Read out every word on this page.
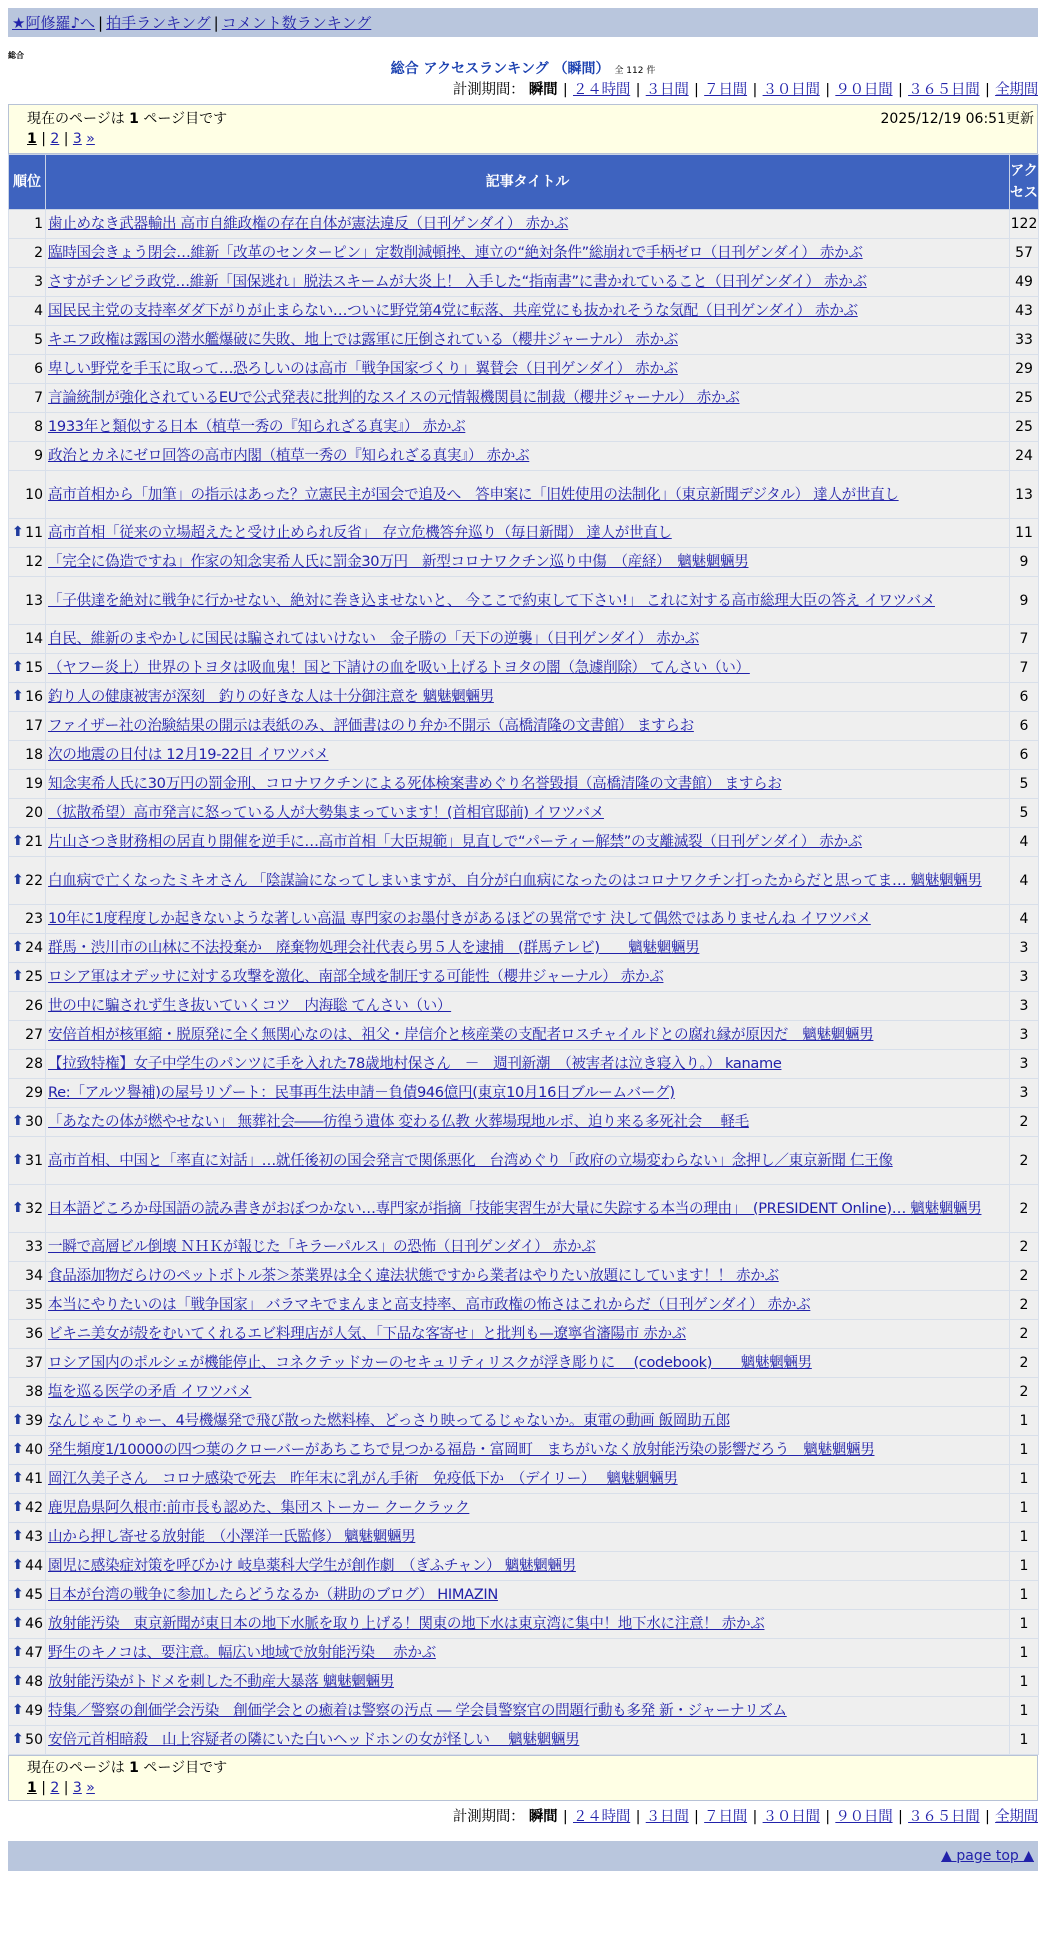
★阿修羅♪へ | 拍手ランキング | コメント数ランキング
総合
総合 アクセスランキング （瞬間） 全 112 件
計測期間： 瞬間 | ２４時間 | ３日間 | ７日間 | ３０日間 | ９０日間 | ３６５日間 | 全期間
現在のページは 1 ページ目です	2025/12/19 06:51更新
1 | 2 | 3 »
順位	記事タイトル	アクセス
1	歯止めなき武器輸出 高市自維政権の存在自体が憲法違反（日刊ゲンダイ） 赤かぶ	122
2	臨時国会きょう閉会…維新「改革のセンターピン」定数削減頓挫、連立の“絶対条件”総崩れで手柄ゼロ（日刊ゲンダイ） 赤かぶ	57
3	さすがチンピラ政党…維新「国保逃れ」脱法スキームが大炎上！ 入手した“指南書”に書かれていること（日刊ゲンダイ） 赤かぶ	49
4	国民民主党の支持率ダダ下がりが止まらない…ついに野党第4党に転落、共産党にも抜かれそうな気配（日刊ゲンダイ） 赤かぶ	43
5	キエフ政権は露国の潜水艦爆破に失敗、地上では露軍に圧倒されている（櫻井ジャーナル） 赤かぶ	33
6	卑しい野党を手玉に取って…恐ろしいのは高市「戦争国家づくり」翼賛会（日刊ゲンダイ） 赤かぶ	29
7	言論統制が強化されているEUで公式発表に批判的なスイスの元情報機関員に制裁（櫻井ジャーナル） 赤かぶ	25
8	1933年と類似する日本（植草一秀の『知られざる真実』） 赤かぶ	25
9	政治とカネにゼロ回答の高市内閣（植草一秀の『知られざる真実』） 赤かぶ	24
10	高市首相から「加筆」の指示はあった？立憲民主が国会で追及へ　答申案に「旧姓使用の法制化」（東京新聞デジタル） 達人が世直し	13

⬆ 11	高市首相「従来の立場超えたと受け止められ反省」　存立危機答弁巡り（毎日新聞） 達人が世直し	11
12	「完全に偽造ですね」作家の知念実希人氏に罰金30万円　新型コロナワクチン巡り中傷　（産経）　魑魅魍魎男	9
13	「子供達を絶対に戦争に行かせない、絶対に巻き込ませないと、 今ここで約束して下さい!」 これに対する高市総理大臣の答え イワツバメ	9
14	自民、維新のまやかしに国民は騙されてはいけない　金子勝の「天下の逆襲」（日刊ゲンダイ） 赤かぶ	7

⬆ 15	（ヤフー炎上）世界のトヨタは吸血鬼！国と下請けの血を吸い上げるトヨタの闇（急遽削除） てんさい（い）	7

⬆ 16	釣り人の健康被害が深刻　釣りの好きな人は十分御注意を 魑魅魍魎男	6
17	ファイザー社の治験結果の開示は表紙のみ、評価書はのり弁か不開示（高橋清隆の文書館） ますらお	6
18	次の地震の日付は 12月19-22日 イワツバメ	6
19	知念実希人氏に30万円の罰金刑、コロナワクチンによる死体検案書めぐり名誉毀損（高橋清隆の文書館） ますらお	5
20	（拡散希望）高市発言に怒っている人が大勢集まっています！(首相官邸前) イワツバメ	5

⬆ 21	片山さつき財務相の居直り開催を逆手に…高市首相「大臣規範」見直しで“パーティー解禁”の支離滅裂（日刊ゲンダイ） 赤かぶ	4

⬆ 22	白血病で亡くなったミキオさん 「陰謀論になってしまいますが、自分が白血病になったのはコロナワクチン打ったからだと思ってま… 魑魅魍魎男	4
23	10年に1度程度しか起きないような著しい高温 専門家のお墨付きがあるほどの異常です 決して偶然ではありませんね イワツバメ	4

⬆ 24	群馬・渋川市の山林に不法投棄か　廃棄物処理会社代表ら男５人を逮捕　(群馬テレビ)　　魑魅魍魎男	3

⬆ 25	ロシア軍はオデッサに対する攻撃を激化、南部全域を制圧する可能性（櫻井ジャーナル） 赤かぶ	3
26	世の中に騙されず生き抜いていくコツ　内海聡 てんさい（い）	3
27	安倍首相が核軍縮・脱原発に全く無関心なのは、祖父・岸信介と核産業の支配者ロスチャイルドとの腐れ縁が原因だ　魑魅魍魎男	3
28	【拉致特権】女子中学生のパンツに手を入れた78歳地村保さん　－　週刊新潮　（被害者は泣き寝入り。） kaname	3
29	Re:「アルツ譽補)の屋号リゾート：民事再生法申請－負債946億円(東京10月16日ブルームバーグ)	3

⬆ 30	「あなたの体が燃やせない」 無葬社会――彷徨う遺体 変わる仏教 火葬場現地ルポ、迫り来る多死社会　 軽毛	2

⬆ 31	高市首相、中国と「率直に対話」…就任後初の国会発言で関係悪化　台湾めぐり「政府の立場変わらない」念押し／東京新聞 仁王像	2

⬆ 32	日本語どころか母国語の読み書きがおぼつかない…専門家が指摘「技能実習生が大量に失踪する本当の理由」　(PRESIDENT Online)… 魑魅魍魎男	2
33	一瞬で高層ビル倒壊 ＮＨＫが報じた「キラーパルス」の恐怖（日刊ゲンダイ） 赤かぶ	2
34	食品添加物だらけのペットボトル茶＞茶業界は全く違法状態ですから業者はやりたい放題にしています！！ 赤かぶ	2
35	本当にやりたいのは「戦争国家」 バラマキでまんまと高支持率、高市政権の怖さはこれからだ（日刊ゲンダイ） 赤かぶ	2
36	ビキニ美女が殻をむいてくれるエビ料理店が人気、「下品な客寄せ」と批判も—遼寧省瀋陽市 赤かぶ	2
37	ロシア国内のポルシェが機能停止、コネクテッドカーのセキュリティリスクが浮き彫りに　 (codebook)　　魑魅魍魎男	2
38	塩を巡る医学の矛盾 イワツバメ	2

⬆ 39	なんじゃこりゃー、4号機爆発で飛び散った燃料棒、どっさり映ってるじゃないか。東電の動画 飯岡助五郎	1

⬆ 40	発生頻度1/10000の四つ葉のクローバーがあちこちで見つかる福島・富岡町　まちがいなく放射能汚染の影響だろう　魑魅魍魎男	1

⬆ 41	岡江久美子さん　コロナ感染で死去　昨年末に乳がん手術　免疫低下か　（デイリー）　 魑魅魍魎男	1

⬆ 42	鹿児島県阿久根市:前市長も認めた、集団ストーカー クークラック	1

⬆ 43	山から押し寄せる放射能　（小澤洋一氏監修） 魑魅魍魎男	1

⬆ 44	園児に感染症対策を呼びかけ 岐阜薬科大学生が創作劇　（ぎふチャン） 魑魅魍魎男	1

⬆ 45	日本が台湾の戦争に参加したらどうなるか（耕助のブログ） HIMAZIN	1

⬆ 46	放射能汚染　東京新聞が東日本の地下水脈を取り上げる！関東の地下水は東京湾に集中！地下水に注意！ 赤かぶ	1

⬆ 47	野生のキノコは、要注意。幅広い地域で放射能汚染　 赤かぶ	1

⬆ 48	放射能汚染がトドメを刺した不動産大暴落 魑魅魍魎男	1

⬆ 49	特集／警察の創価学会汚染　創価学会との癒着は警察の汚点 ― 学会員警察官の問題行動も多発 新・ジャーナリズム	1

⬆ 50	安倍元首相暗殺　山上容疑者の隣にいた白いヘッドホンの女が怪しい　 魑魅魍魎男	1
現在のページは 1 ページ目です
1 | 2 | 3 »
計測期間： 瞬間 | ２４時間 | ３日間 | ７日間 | ３０日間 | ９０日間 | ３６５日間 | 全期間
▲ page top ▲
